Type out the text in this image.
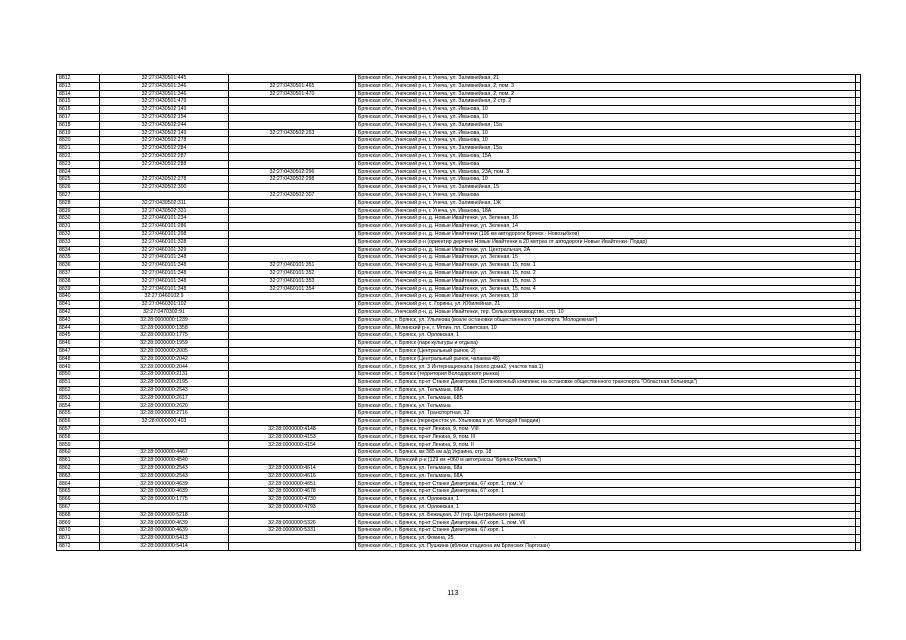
8812	32:27:0430501:445		Брянская обл., Унечский р-н, г. Унеча, ул. Заливнейная, 21	
8813	32:27:0430501:346	32:27:0430501:465	Брянская обл., Унечский р-н, г. Унеча, ул. Заливнейная, 2, пом. 3	
8814	32:27:0430501:346	32:27:0430501:470	Брянская обл., Унечский р-н, г. Унеча, ул. Заливнейная, 2, пом. 2	
8815	32:27:0430501:479		Брянская обл., Унечский р-н, г. Унеча, ул. Заливнейная, 2 стр. 2	
8816	32:27:0430502:149		Брянская обл., Унечский р-н, г. Унеча, ул. Иванова, 10	
8817	32:27:0430502:154		Брянская обл., Унечский р-н, г. Унеча, ул. Иванова, 10	
8818	32:27:0430502:244		Брянская обл., Унечский р-н, г. Унеча, ул. Заливнейная, 15а	
8819	32:27:0430502:149	32:27:0430502:263	Брянская обл., Унечский р-н, г. Унеча, ул. Иванова, 10	
8820	32:27:0430502:278		Брянская обл., Унечский р-н, г. Унеча, ул. Иванова, 10	
8821	32:27:0430502:284		Брянская обл., Унечский р-н, г. Унеча, ул. Заливнейная, 15а	
8822	32:27:0430502:287		Брянская обл., Унечский р-н, г. Унеча, ул. Иванова, 15А	
8823	32:27:0430502:288		Брянская обл., Унечский р-н, г. Унеча, ул. Иванова	
8824		32:27:0430502:296	Брянская обл., Унечский р-н, г. Унеча, ул. Иванова, 23А, пом. 3	
8825	32:27:0430502:278	32:27:0430502:298	Брянская обл., Унечский р-н, г. Унеча, ул. Иванова, 10	
8826	32:27:0430502:300		Брянская обл., Унечский р-н, г. Унеча, ул. Заливнейная, 15	
8827		32:27:0430502:307	Брянская обл., Унечский р-н, г. Унеча, ул. Иванова	
8828	32:27:0430502:311		Брянская обл., Унечский р-н, г. Унеча, ул. Заливнейная, 1Ж	
8829	32:27:0430502:331		Брянская обл., Унечский р-н, г. Унеча, ул. Иванова, 18А	
8830	32:27:0460101:234		Брянская обл., Унечский р-н, д. Новые Ивайтенки, ул. Зеленая, 16	
8831	32:27:0460101:286		Брянская обл., Унечский р-н, д. Новые Ивайтенки, ул. Зеленая, 14	
8832	32:27:0460101:298		Брянская обл., Унечский р-н, д. Новые Ивайтенки (106 км автодороги Брянск - Новозыбков)	
8833	32:27:0460101:328		Брянская обл., Унечский р-н (ориентир деревня Новые Ивайтенки в 20 метрах от автодороги Новые Ивайтенки- Подар)	
8834	32:27:0460101:329		Брянская обл., Унечский р-н, д. Новые Ивайтенки, ул. Центральная, 2А	
8835	32:27:0460101:348		Брянская обл., Унечский р-н, д. Новые Ивайтенки, ул. Зеленая, 15	
8836	32:27:0460101:348	32:27:0460101:351	Брянская обл., Унечский р-н, д. Новые Ивайтенки, ул. Зеленая, 15, пом. 1	
8837	32:27:0460101:348	32:27:0460101:352	Брянская обл., Унечский р-н, д. Новые Ивайтенки, ул. Зеленая, 15, пом. 2	
8838	32:27:0460101:348	32:27:0460101:353	Брянская обл., Унечский р-н, д. Новые Ивайтенки, ул. Зеленая, 15, пом. 3	
8839	32:27:0460101:348	32:27:0460101:354	Брянская обл., Унечский р-н, д. Новые Ивайтенки, ул. Зеленая, 15, пом. 4	
8840	32:27:0460102:9		Брянская обл., Унечский р-н, д. Новые Ивайтенки, ул. Зеленая, 18	
8841	32:27:0460301:102		Брянская обл., Унечский р-н, с. Горяны, ул. Юбилейная, 21	
8842	32:27:0470302:91		Брянская обл., Унечский р-н, д. Новые Ивайтенки, тер. Сельхозпроизводство, стр. 10	
8843	32:28:0000000:1239		Брянская обл., г. Брянск, ул. Ульянова (возле остановки общественного транспорта "Молодежная")	
8844	32:28:0000000:1358		Брянская обл., Мглинский р-н, г. Мглин, пл. Советская, 10	
8845	32:28:0000000:1775		Брянская обл., г. Брянск, ул. Орловская, 1	
8846	32:28:0000000:1959		Брянская обл., г. Брянск (парк культуры и отдыха)	
8847	32:28:0000000:2005		Брянская обл., г. Брянск (Центральный рынок, 2)	
8848	32:28:0000000:2042		Брянская обл., г. Брянск (Центральный рынок, чапаева 48)	
8849	32:28:0000000:2044		Брянская обл., г. Брянск, ул. 3 Интернационала (около дома2, участок пав.1)	
8850	32:28:0000000:2131		Брянская обл., г. Брянск (территория Володарского рынка)	
8851	32:28:0000000:2195		Брянская обл., г. Брянск, пр-кт Станке Димитрова (Остановочный комплекс на остановке общественного транспорта "Областная больница")	
8852	32:28:0000000:2543		Брянская обл., г. Брянск, ул. Тельмана, 68А	
8853	32:28:0000000:2617		Брянская обл., г. Брянск, ул. Тельмана, 68Б	
8854	32:28:0000000:2620		Брянская обл., г. Брянск, ул. Тельмана	
8855	32:28:0000000:2716		Брянская обл., г. Брянск, ул. Транспортная, 32	
8856	32:28:0000000:403		Брянская обл., г. Брянск (перекресток ул. Ульянова и ул. Молодой Гвардии)	
8857		32:28:0000000:4148	Брянская обл., г. Брянск, пр-кт Ленина, 9, пом. VIII	
8858		32:28:0000000:4153	Брянская обл., г. Брянск, пр-кт Ленина, 9, пом. III	
8859		32:28:0000000:4154	Брянская обл., г. Брянск, пр-кт Ленина, 9, пом. II	
8860	32:28:0000000:4467		Брянская обл., г. Брянск, км 385 км а/д Украина, стр. 18	
8861	32:28:0000000:4540		Брянская обл., Брянский р-н (129 км +060 м автотрассы "Брянск-Рославль")	
8862	32:28:0000000:2543	32:28:0000000:4614	Брянская обл., г. Брянск, ул. Тельмана, 68а	
8863	32:28:0000000:2543	32:28:0000000:4616	Брянская обл., г. Брянск, ул. Тельмана, 68А	
8864	32:28:0000000:4639	32:28:0000000:4651	Брянская обл., г. Брянск, пр-кт Станке Димитрова, 67 корп. 1, пом. V	
8865	32:28:0000000:4639	32:28:0000000:4678	Брянская обл., г. Брянск, пр-кт Станке Димитрова, 67 корп. 1	
8866	32:28:0000000:1775	32:28:0000000:4730	Брянская обл., г. Брянск, ул. Орловская, 1	
8867		32:28:0000000:4793	Брянская обл., г. Брянск, ул. Орловская, 1	
8868	32:28:0000000:5218		Брянская обл., г. Брянск, ул. Бежицкая, 37 (тер. Центрального рынка)	
8869	32:28:0000000:4639	32:28:0000000:5326	Брянская обл., г. Брянск, пр-кт Станке Димитрова, 67 корп. 1, пом. VII	
8870	32:28:0000000:4639	32:28:0000000:5331	Брянская обл., г. Брянск, пр-кт Станке Димитрова, 67 корп. 1	
8871	32:28:0000000:5413		Брянская обл., г. Брянск, ул. Фокина, 25	
8872	32:28:0000000:5414		Брянская обл., г. Брянск, ул. Пушкина (вблизи стадиона им Брянских Партизан)	
113
